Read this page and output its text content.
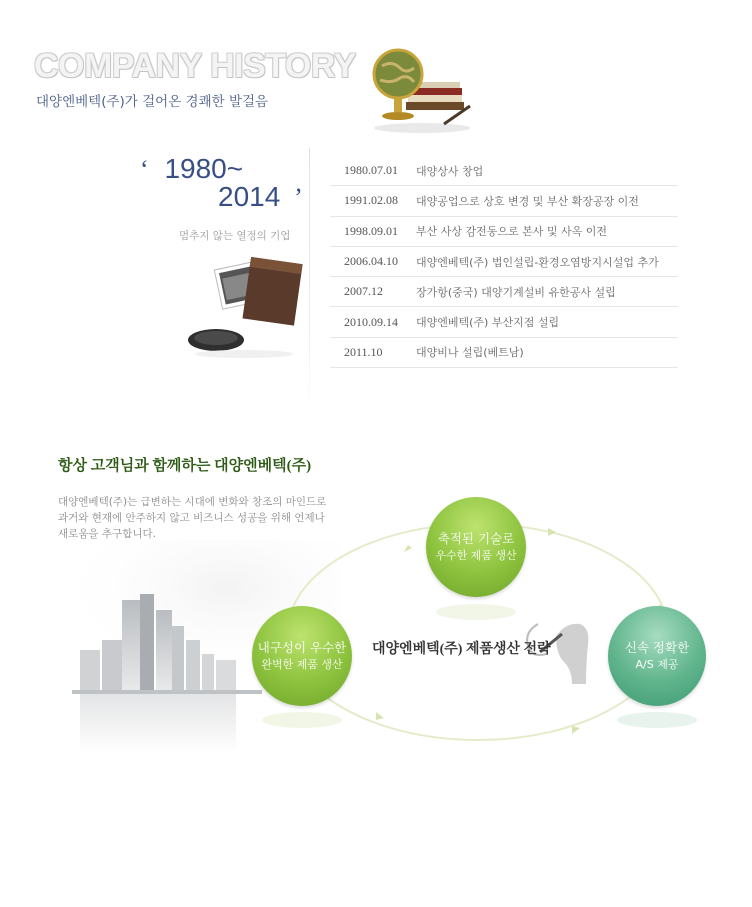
COMPANY HISTORY
대양엔베텍(주)가 걸어온 경쾌한 발걸음
‘ 1980~
2014 ’
멈추지 않는 열정의 기업
1980.07.01	대양상사 창업
1991.02.08	대양공업으로 상호 변경 및 부산 확장공장 이전
1998.09.01	부산 사상 감전동으로 본사 및 사옥 이전
2006.04.10	대양엔베텍(주) 법인설립-환경오염방지시설업 추가
2007.12	장가항(중국) 대양기계설비 유한공사 설립
2010.09.14	대양엔베텍(주) 부산지점 설립
2011.10	대양비나 설립(베트남)
항상 고객님과 함께하는 대양엔베텍(주)
대양엔베텍(주)는 급변하는 시대에 변화와 창조의 마인드로
과거와 현재에 안주하지 않고 비즈니스 성공을 위해 언제나
새로움을 추구합니다.	축적된 기술로
우수한 제품 생산
내구성이 우수한
완벽한 제품 생산
신속 정확한
A/S 제공
대양엔베텍(주) 제품생산 전략
